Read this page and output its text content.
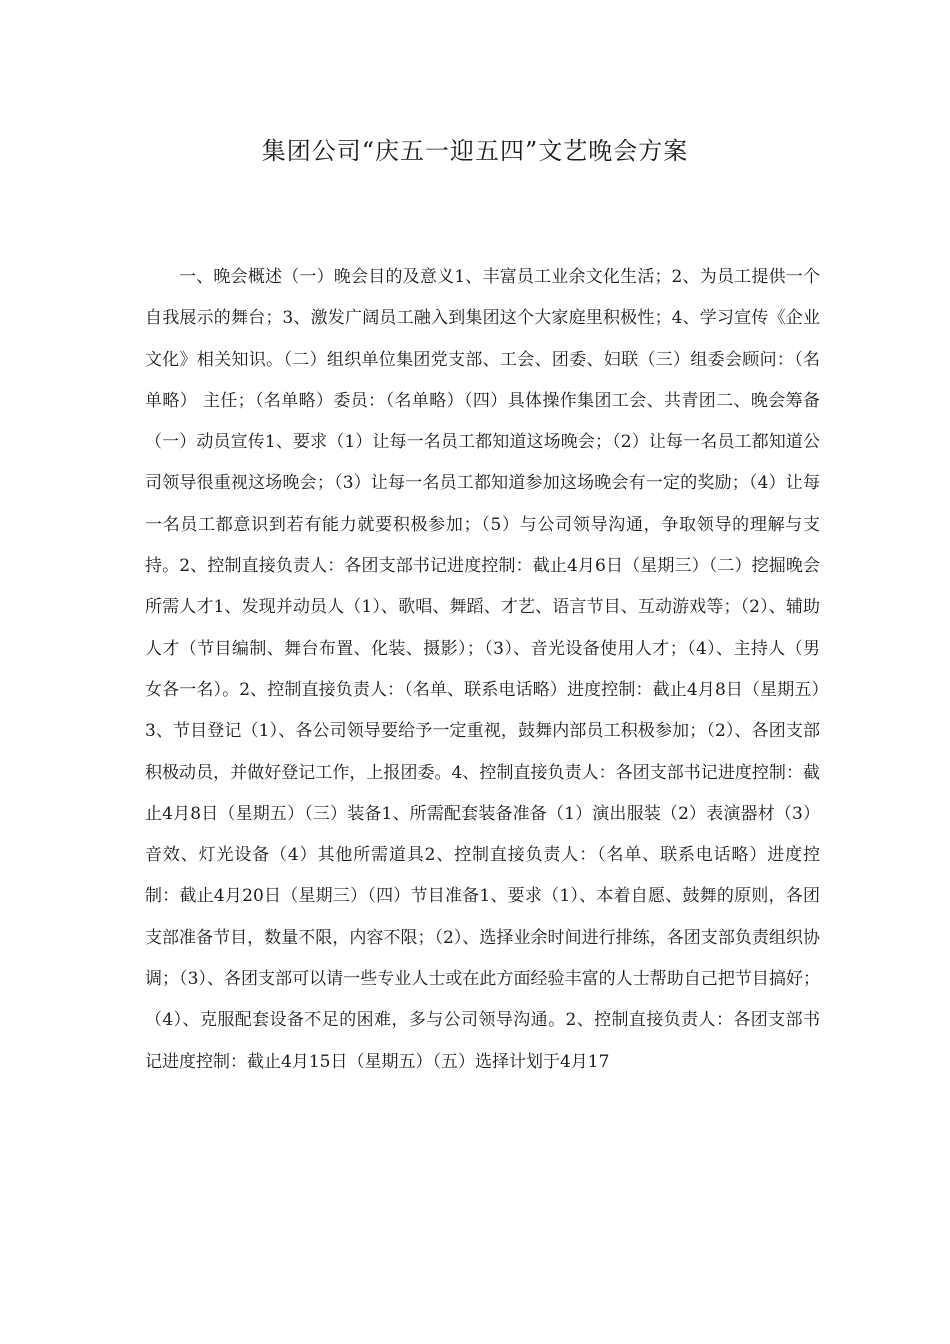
集团公司“庆五一迎五四”文艺晚会方案

一、晚会概述（一）晚会目的及意义1、丰富员工业余文化生活；2、为员工提供一个自我展示的舞台；3、激发广阔员工融入到集团这个大家庭里积极性；4、学习宣传《企业文化》相关知识。（二）组织单位集团党支部、工会、团委、妇联（三）组委会顾问：（名单略） 主任；（名单略）委员：（名单略）（四）具体操作集团工会、共青团二、晚会筹备（一）动员宣传1、要求（1）让每一名员工都知道这场晚会；（2）让每一名员工都知道公司领导很重视这场晚会；（3）让每一名员工都知道参加这场晚会有一定的奖励；（4）让每一名员工都意识到若有能力就要积极参加；（5）与公司领导沟通，争取领导的理解与支持。2、控制直接负责人：各团支部书记进度控制：截止4月6日（星期三）（二）挖掘晚会所需人才1、发现并动员人（1）、歌唱、舞蹈、才艺、语言节目、互动游戏等；（2）、辅助人才（节目编制、舞台布置、化装、摄影）；（3）、音光设备使用人才；（4）、主持人（男女各一名）。2、控制直接负责人：（名单、联系电话略）进度控制：截止4月8日（星期五）3、节目登记（1）、各公司领导要给予一定重视，鼓舞内部员工积极参加；（2）、各团支部积极动员，并做好登记工作，上报团委。4、控制直接负责人：各团支部书记进度控制：截止4月8日（星期五）（三）装备1、所需配套装备准备（1）演出服装（2）表演器材（3）音效、灯光设备（4）其他所需道具2、控制直接负责人：（名单、联系电话略）进度控制：截止4月20日（星期三）（四）节目准备1、要求（1）、本着自愿、鼓舞的原则，各团支部准备节目，数量不限，内容不限；（2）、选择业余时间进行排练，各团支部负责组织协调；（3）、各团支部可以请一些专业人士或在此方面经验丰富的人士帮助自己把节目搞好；（4）、克服配套设备不足的困难，多与公司领导沟通。2、控制直接负责人：各团支部书记进度控制：截止4月15日（星期五）（五）选择计划于4月17
